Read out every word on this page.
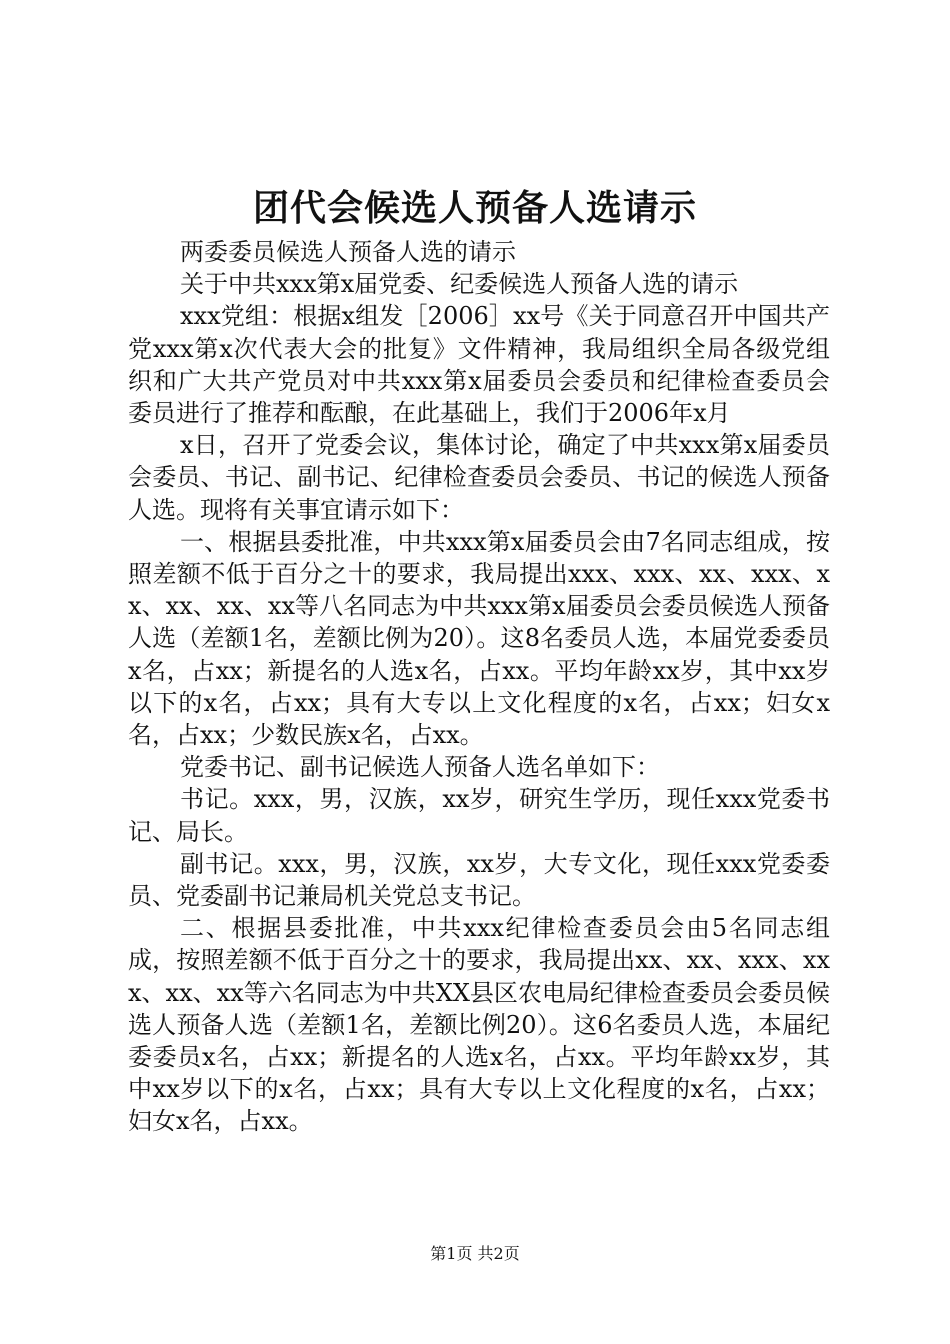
团代会候选人预备人选请示

两委委员候选人预备人选的请示

关于中共xxx第x届党委、纪委候选人预备人选的请示

xxx党组：根据x组发［2006］xx号《关于同意召开中国共产党xxx第x次代表大会的批复》文件精神，我局组织全局各级党组织和广大共产党员对中共xxx第x届委员会委员和纪律检查委员会委员进行了推荐和酝酿，在此基础上，我们于2006年x月

x日，召开了党委会议，集体讨论，确定了中共xxx第x届委员会委员、书记、副书记、纪律检查委员会委员、书记的候选人预备人选。现将有关事宜请示如下：

一、根据县委批准，中共xxx第x届委员会由7名同志组成，按照差额不低于百分之十的要求，我局提出xxx、xxx、xx、xxx、xx、xx、xx、xx等八名同志为中共xxx第x届委员会委员候选人预备人选（差额1名，差额比例为20）。这8名委员人选，本届党委委员x名，占xx；新提名的人选x名，占xx。平均年龄xx岁，其中xx岁以下的x名，占xx；具有大专以上文化程度的x名，占xx；妇女x名，占xx；少数民族x名，占xx。

党委书记、副书记候选人预备人选名单如下：

书记。xxx，男，汉族，xx岁，研究生学历，现任xxx党委书记、局长。

副书记。xxx，男，汉族，xx岁，大专文化，现任xxx党委委员、党委副书记兼局机关党总支书记。

二、根据县委批准，中共xxx纪律检查委员会由5名同志组成，按照差额不低于百分之十的要求，我局提出xx、xx、xxx、xxx、xx、xx等六名同志为中共XX县区农电局纪律检查委员会委员候选人预备人选（差额1名，差额比例20）。这6名委员人选，本届纪委委员x名，占xx；新提名的人选x名，占xx。平均年龄xx岁，其中xx岁以下的x名，占xx；具有大专以上文化程度的x名，占xx；妇女x名，占xx。

第1页 共2页
